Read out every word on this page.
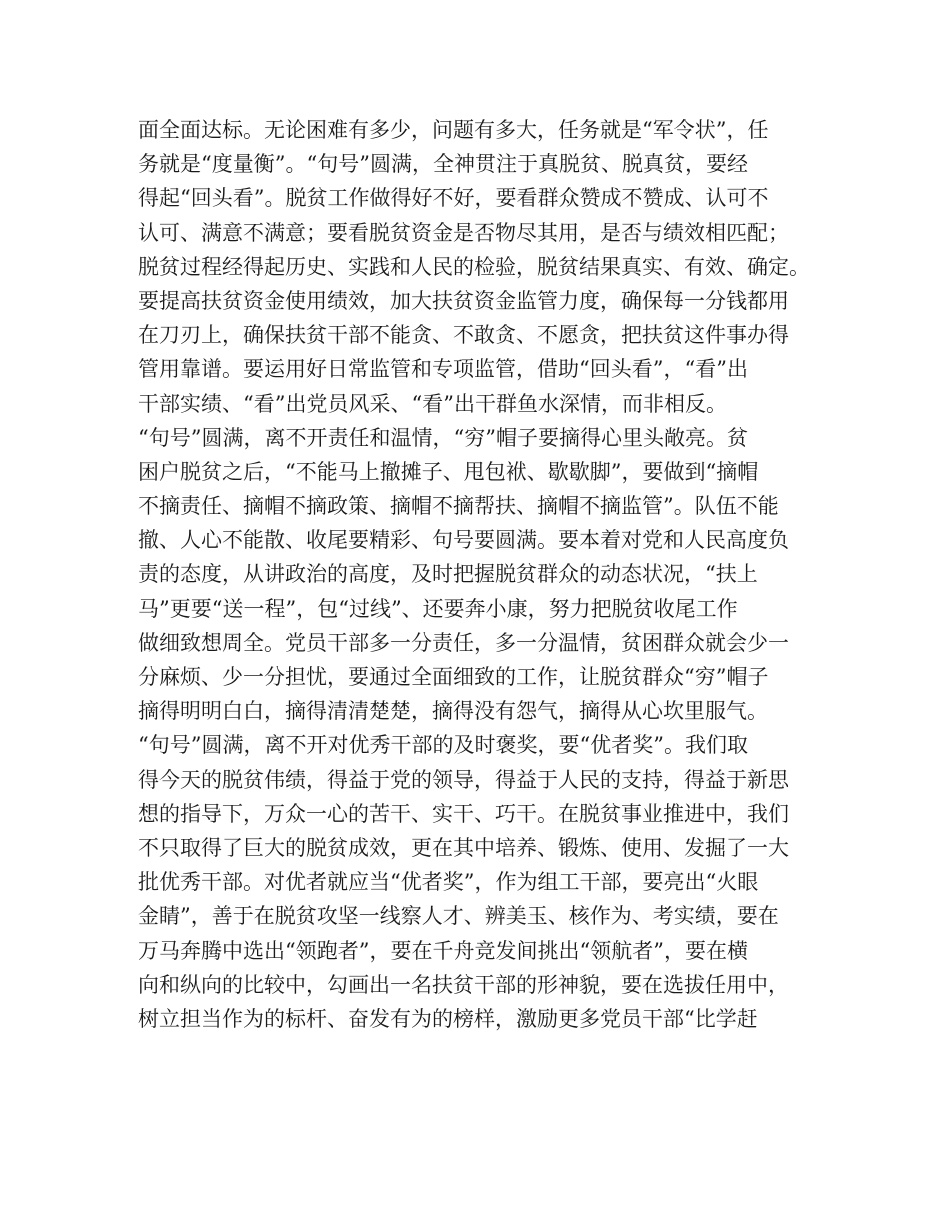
面全面达标。无论困难有多少，问题有多大，任务就是“军令状”，任
务就是“度量衡”。“句号”圆满，全神贯注于真脱贫、脱真贫，要经
得起“回头看”。脱贫工作做得好不好，要看群众赞成不赞成、认可不
认可、满意不满意；要看脱贫资金是否物尽其用，是否与绩效相匹配；
脱贫过程经得起历史、实践和人民的检验，脱贫结果真实、有效、确定。
要提高扶贫资金使用绩效，加大扶贫资金监管力度，确保每一分钱都用
在刀刃上，确保扶贫干部不能贪、不敢贪、不愿贪，把扶贫这件事办得
管用靠谱。要运用好日常监管和专项监管，借助“回头看”，“看”出
干部实绩、“看”出党员风采、“看”出干群鱼水深情，而非相反。
“句号”圆满，离不开责任和温情，“穷”帽子要摘得心里头敞亮。贫
困户脱贫之后，“不能马上撤摊子、甩包袱、歇歇脚”，要做到“摘帽
不摘责任、摘帽不摘政策、摘帽不摘帮扶、摘帽不摘监管”。队伍不能
撤、人心不能散、收尾要精彩、句号要圆满。要本着对党和人民高度负
责的态度，从讲政治的高度，及时把握脱贫群众的动态状况，“扶上
马”更要“送一程”，包“过线”、还要奔小康，努力把脱贫收尾工作
做细致想周全。党员干部多一分责任，多一分温情，贫困群众就会少一
分麻烦、少一分担忧，要通过全面细致的工作，让脱贫群众“穷”帽子
摘得明明白白，摘得清清楚楚，摘得没有怨气，摘得从心坎里服气。
“句号”圆满，离不开对优秀干部的及时褒奖，要“优者奖”。我们取
得今天的脱贫伟绩，得益于党的领导，得益于人民的支持，得益于新思
想的指导下，万众一心的苦干、实干、巧干。在脱贫事业推进中，我们
不只取得了巨大的脱贫成效，更在其中培养、锻炼、使用、发掘了一大
批优秀干部。对优者就应当“优者奖”，作为组工干部，要亮出“火眼
金睛”，善于在脱贫攻坚一线察人才、辨美玉、核作为、考实绩，要在
万马奔腾中选出“领跑者”，要在千舟竞发间挑出“领航者”，要在横
向和纵向的比较中，勾画出一名扶贫干部的形神貌，要在选拔任用中，
树立担当作为的标杆、奋发有为的榜样，激励更多党员干部“比学赶
